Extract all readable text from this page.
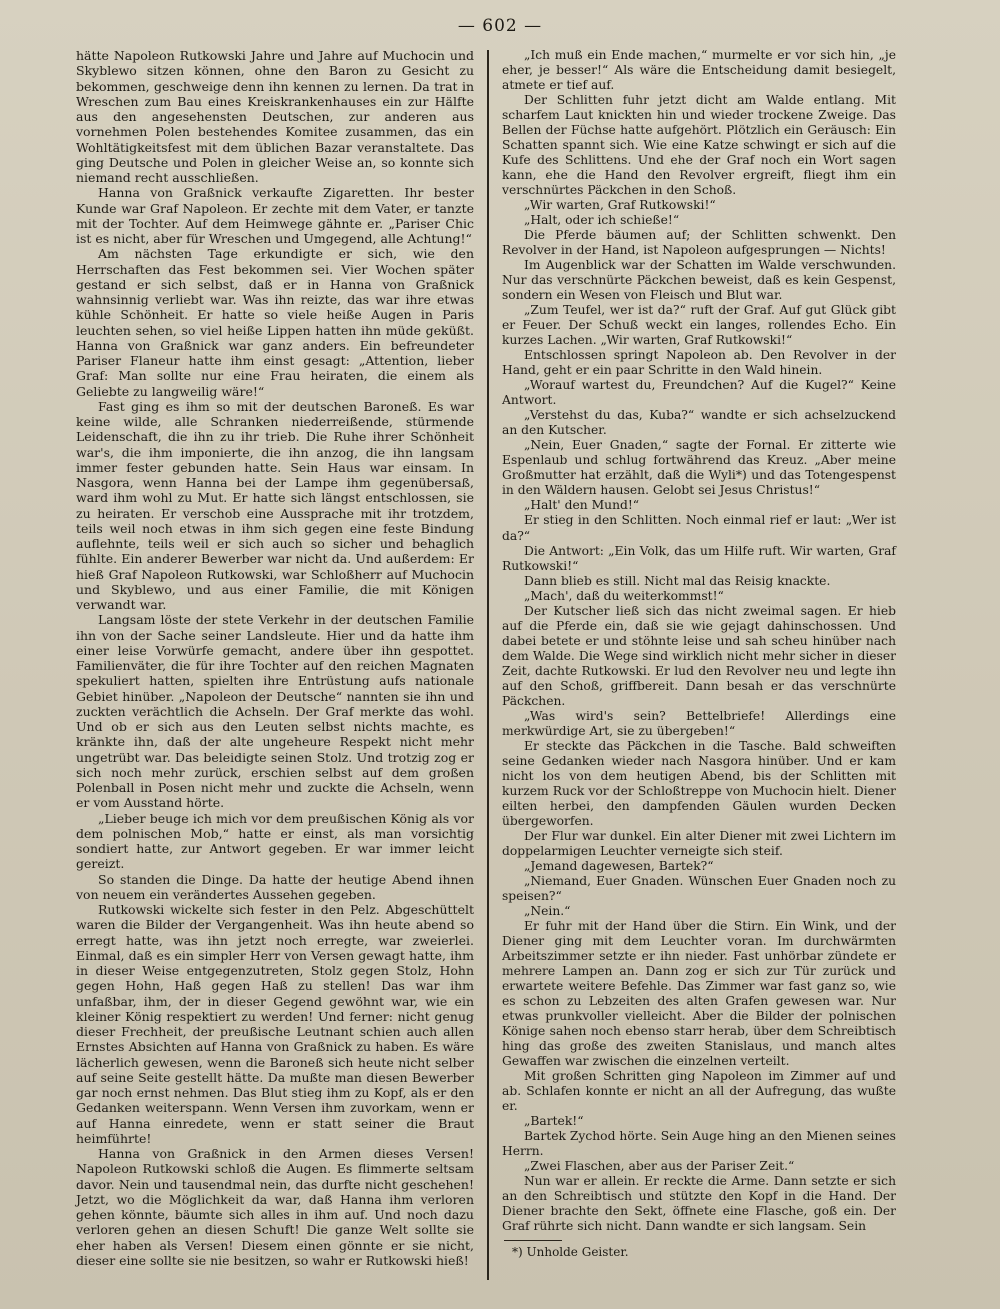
— 602 —

hätte Napoleon Rutkowski Jahre und Jahre auf Muchocin und Skyblewo sitzen können, ohne den Baron zu Gesicht zu bekommen, geschweige denn ihn kennen zu lernen. Da trat in Wreschen zum Bau eines Kreiskrankenhauses ein zur Hälfte aus den angesehensten Deutschen, zur anderen aus vornehmen Polen bestehendes Komitee zusammen, das ein Wohltätigkeitsfest mit dem üblichen Bazar veranstaltete. Das ging Deutsche und Polen in gleicher Weise an, so konnte sich niemand recht ausschließen.

Hanna von Graßnick verkaufte Zigaretten. Ihr bester Kunde war Graf Napoleon. Er zechte mit dem Vater, er tanzte mit der Tochter. Auf dem Heimwege gähnte er. „Pariser Chic ist es nicht, aber für Wreschen und Umgegend, alle Achtung!“

Am nächsten Tage erkundigte er sich, wie den Herrschaften das Fest bekommen sei. Vier Wochen später gestand er sich selbst, daß er in Hanna von Graßnick wahnsinnig verliebt war. Was ihn reizte, das war ihre etwas kühle Schönheit. Er hatte so viele heiße Augen in Paris leuchten sehen, so viel heiße Lippen hatten ihn müde geküßt. Hanna von Graßnick war ganz anders. Ein befreundeter Pariser Flaneur hatte ihm einst gesagt: „Attention, lieber Graf: Man sollte nur eine Frau heiraten, die einem als Geliebte zu langweilig wäre!“

Fast ging es ihm so mit der deutschen Baroneß. Es war keine wilde, alle Schranken niederreißende, stürmende Leidenschaft, die ihn zu ihr trieb. Die Ruhe ihrer Schönheit war's, die ihm imponierte, die ihn anzog, die ihn langsam immer fester gebunden hatte. Sein Haus war einsam. In Nasgora, wenn Hanna bei der Lampe ihm gegenübersaß, ward ihm wohl zu Mut. Er hatte sich längst entschlossen, sie zu heiraten. Er verschob eine Aussprache mit ihr trotzdem, teils weil noch etwas in ihm sich gegen eine feste Bindung auflehnte, teils weil er sich auch so sicher und behaglich fühlte. Ein anderer Bewerber war nicht da. Und außerdem: Er hieß Graf Napoleon Rutkowski, war Schloßherr auf Muchocin und Skyblewo, und aus einer Familie, die mit Königen verwandt war.

Langsam löste der stete Verkehr in der deutschen Familie ihn von der Sache seiner Landsleute. Hier und da hatte ihm einer leise Vorwürfe gemacht, andere über ihn gespottet. Familienväter, die für ihre Tochter auf den reichen Magnaten spekuliert hatten, spielten ihre Entrüstung aufs nationale Gebiet hinüber. „Napoleon der Deutsche“ nannten sie ihn und zuckten verächtlich die Achseln. Der Graf merkte das wohl. Und ob er sich aus den Leuten selbst nichts machte, es kränkte ihn, daß der alte ungeheure Respekt nicht mehr ungetrübt war. Das beleidigte seinen Stolz. Und trotzig zog er sich noch mehr zurück, erschien selbst auf dem großen Polenball in Posen nicht mehr und zuckte die Achseln, wenn er vom Ausstand hörte.

„Lieber beuge ich mich vor dem preußischen König als vor dem polnischen Mob,“ hatte er einst, als man vorsichtig sondiert hatte, zur Antwort gegeben. Er war immer leicht gereizt.

So standen die Dinge. Da hatte der heutige Abend ihnen von neuem ein verändertes Aussehen gegeben.

Rutkowski wickelte sich fester in den Pelz. Abgeschüttelt waren die Bilder der Vergangenheit. Was ihn heute abend so erregt hatte, was ihn jetzt noch erregte, war zweierlei. Einmal, daß es ein simpler Herr von Versen gewagt hatte, ihm in dieser Weise entgegenzutreten, Stolz gegen Stolz, Hohn gegen Hohn, Haß gegen Haß zu stellen! Das war ihm unfaßbar, ihm, der in dieser Gegend gewöhnt war, wie ein kleiner König respektiert zu werden! Und ferner: nicht genug dieser Frechheit, der preußische Leutnant schien auch allen Ernstes Absichten auf Hanna von Graßnick zu haben. Es wäre lächerlich gewesen, wenn die Baroneß sich heute nicht selber auf seine Seite gestellt hätte. Da mußte man diesen Bewerber gar noch ernst nehmen. Das Blut stieg ihm zu Kopf, als er den Gedanken weiterspann. Wenn Versen ihm zuvorkam, wenn er auf Hanna einredete, wenn er statt seiner die Braut heimführte!

Hanna von Graßnick in den Armen dieses Versen! Napoleon Rutkowski schloß die Augen. Es flimmerte seltsam davor. Nein und tausendmal nein, das durfte nicht geschehen! Jetzt, wo die Möglichkeit da war, daß Hanna ihm verloren gehen könnte, bäumte sich alles in ihm auf. Und noch dazu verloren gehen an diesen Schuft! Die ganze Welt sollte sie eher haben als Versen! Diesem einen gönnte er sie nicht, dieser eine sollte sie nie besitzen, so wahr er Rutkowski hieß!

„Ich muß ein Ende machen,“ murmelte er vor sich hin, „je eher, je besser!“ Als wäre die Entscheidung damit besiegelt, atmete er tief auf.

Der Schlitten fuhr jetzt dicht am Walde entlang. Mit scharfem Laut knickten hin und wieder trockene Zweige. Das Bellen der Füchse hatte aufgehört. Plötzlich ein Geräusch: Ein Schatten spannt sich. Wie eine Katze schwingt er sich auf die Kufe des Schlittens. Und ehe der Graf noch ein Wort sagen kann, ehe die Hand den Revolver ergreift, fliegt ihm ein verschnürtes Päckchen in den Schoß.

„Wir warten, Graf Rutkowski!“

„Halt, oder ich schieße!“

Die Pferde bäumen auf; der Schlitten schwenkt. Den Revolver in der Hand, ist Napoleon aufgesprungen — Nichts!

Im Augenblick war der Schatten im Walde verschwunden. Nur das verschnürte Päckchen beweist, daß es kein Gespenst, sondern ein Wesen von Fleisch und Blut war.

„Zum Teufel, wer ist da?“ ruft der Graf. Auf gut Glück gibt er Feuer. Der Schuß weckt ein langes, rollendes Echo. Ein kurzes Lachen. „Wir warten, Graf Rutkowski!“

Entschlossen springt Napoleon ab. Den Revolver in der Hand, geht er ein paar Schritte in den Wald hinein.

„Worauf wartest du, Freundchen? Auf die Kugel?“ Keine Antwort.

„Verstehst du das, Kuba?“ wandte er sich achselzuckend an den Kutscher.

„Nein, Euer Gnaden,“ sagte der Fornal. Er zitterte wie Espenlaub und schlug fortwährend das Kreuz. „Aber meine Großmutter hat erzählt, daß die Wyli*) und das Totengespenst in den Wäldern hausen. Gelobt sei Jesus Christus!“

„Halt' den Mund!“

Er stieg in den Schlitten. Noch einmal rief er laut: „Wer ist da?“

Die Antwort: „Ein Volk, das um Hilfe ruft. Wir warten, Graf Rutkowski!“

Dann blieb es still. Nicht mal das Reisig knackte.

„Mach', daß du weiterkommst!“

Der Kutscher ließ sich das nicht zweimal sagen. Er hieb auf die Pferde ein, daß sie wie gejagt dahinschossen. Und dabei betete er und stöhnte leise und sah scheu hinüber nach dem Walde. Die Wege sind wirklich nicht mehr sicher in dieser Zeit, dachte Rutkowski. Er lud den Revolver neu und legte ihn auf den Schoß, griffbereit. Dann besah er das verschnürte Päckchen.

„Was wird's sein? Bettelbriefe! Allerdings eine merkwürdige Art, sie zu übergeben!“

Er steckte das Päckchen in die Tasche. Bald schweiften seine Gedanken wieder nach Nasgora hinüber. Und er kam nicht los von dem heutigen Abend, bis der Schlitten mit kurzem Ruck vor der Schloßtreppe von Muchocin hielt. Diener eilten herbei, den dampfenden Gäulen wurden Decken übergeworfen.

Der Flur war dunkel. Ein alter Diener mit zwei Lichtern im doppelarmigen Leuchter verneigte sich steif.

„Jemand dagewesen, Bartek?“

„Niemand, Euer Gnaden. Wünschen Euer Gnaden noch zu speisen?“

„Nein.“

Er fuhr mit der Hand über die Stirn. Ein Wink, und der Diener ging mit dem Leuchter voran. Im durchwärmten Arbeitszimmer setzte er ihn nieder. Fast unhörbar zündete er mehrere Lampen an. Dann zog er sich zur Tür zurück und erwartete weitere Befehle. Das Zimmer war fast ganz so, wie es schon zu Lebzeiten des alten Grafen gewesen war. Nur etwas prunkvoller vielleicht. Aber die Bilder der polnischen Könige sahen noch ebenso starr herab, über dem Schreibtisch hing das große des zweiten Stanislaus, und manch altes Gewaffen war zwischen die einzelnen verteilt.

Mit großen Schritten ging Napoleon im Zimmer auf und ab. Schlafen konnte er nicht an all der Aufregung, das wußte er.

„Bartek!“

Bartek Zychod hörte. Sein Auge hing an den Mienen seines Herrn.

„Zwei Flaschen, aber aus der Pariser Zeit.“

Nun war er allein. Er reckte die Arme. Dann setzte er sich an den Schreibtisch und stützte den Kopf in die Hand. Der Diener brachte den Sekt, öffnete eine Flasche, goß ein. Der Graf rührte sich nicht. Dann wandte er sich langsam. Sein

*) Unholde Geister.
